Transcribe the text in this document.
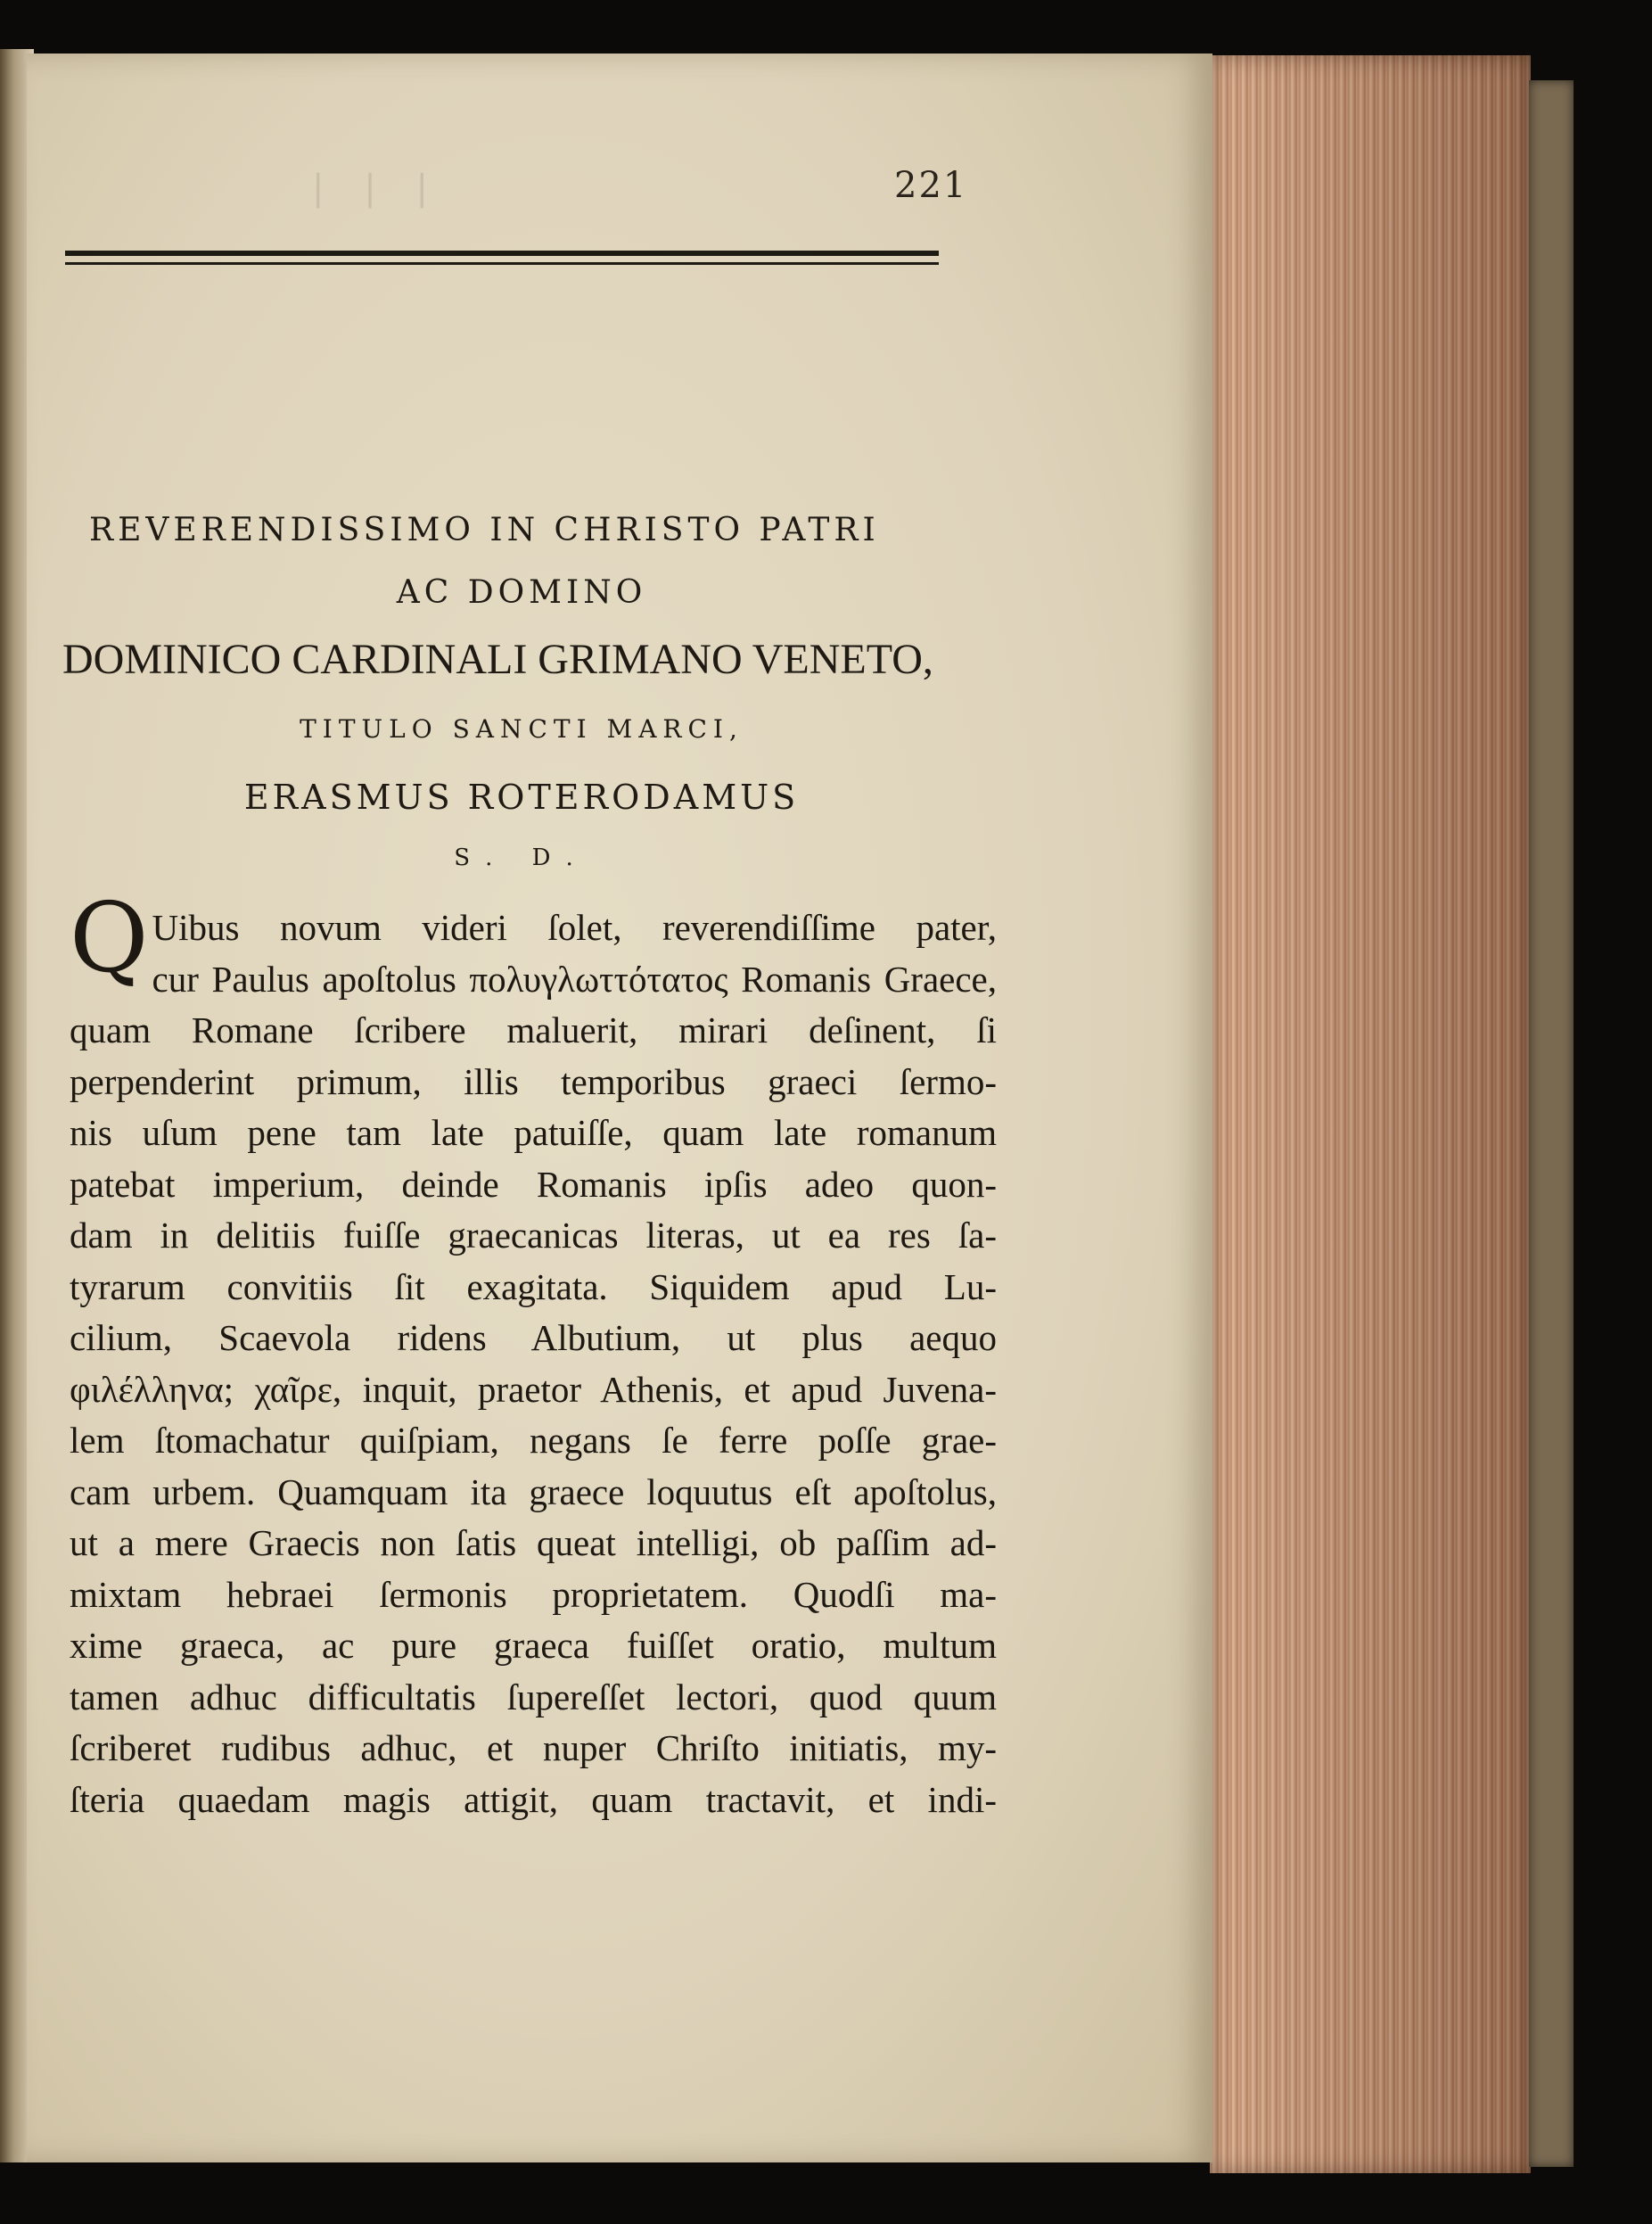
❘ ❘ ❘	221
REVERENDISSIMO IN CHRISTO PATRI
AC DOMINO
DOMINICO CARDINALI GRIMANO VENETO,
TITULO SANCTI MARCI,
ERASMUS ROTERODAMUS
S. D.
Q Uibus novum videri ſolet, reverendiſſime pater,
cur Paulus apoſtolus πολυγλωττότατος Romanis Graece,
quam Romane ſcribere maluerit, mirari deſinent, ſi
perpenderint primum, illis temporibus graeci ſermo-
nis uſum pene tam late patuiſſe, quam late romanum
patebat imperium, deinde Romanis ipſis adeo quon-
dam in delitiis fuiſſe graecanicas literas, ut ea res ſa-
tyrarum convitiis ſit exagitata. Siquidem apud Lu-
cilium, Scaevola ridens Albutium, ut plus aequo
φιλέλληνα; χαῖρε, inquit, praetor Athenis, et apud Juvena-
lem ſtomachatur quiſpiam, negans ſe ferre poſſe grae-
cam urbem. Quamquam ita graece loquutus eſt apoſtolus,
ut a mere Graecis non ſatis queat intelligi, ob paſſim ad-
mixtam hebraei ſermonis proprietatem. Quodſi ma-
xime graeca, ac pure graeca fuiſſet oratio, multum
tamen adhuc difficultatis ſupereſſet lectori, quod quum
ſcriberet rudibus adhuc, et nuper Chriſto initiatis, my-
ſteria quaedam magis attigit, quam tractavit, et indi-
